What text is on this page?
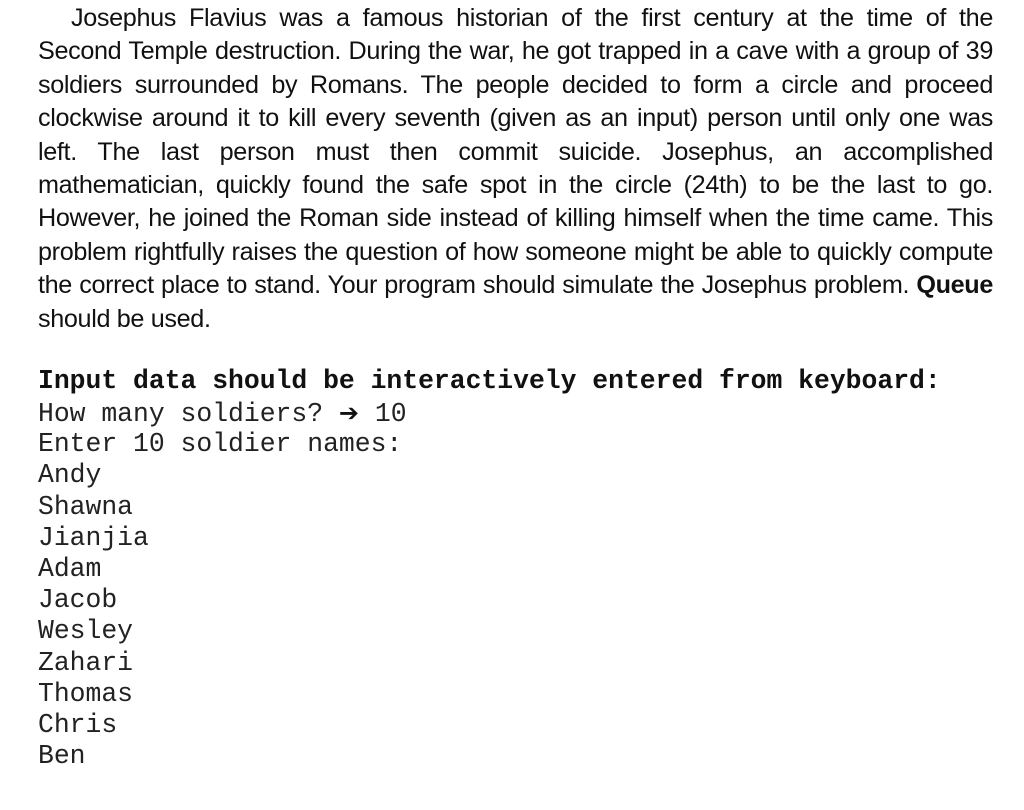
Josephus Flavius was a famous historian of the first century at the time of the Second Temple destruction. During the war, he got trapped in a cave with a group of 39 soldiers surrounded by Romans. The people decided to form a circle and proceed clockwise around it to kill every seventh (given as an input) person until only one was left. The last person must then commit suicide. Josephus, an accomplished mathematician, quickly found the safe spot in the circle (24th) to be the last to go. However, he joined the Roman side instead of killing himself when the time came. This problem rightfully raises the question of how someone might be able to quickly compute the correct place to stand. Your program should simulate the Josephus problem. Queue should be used.

Input data should be interactively entered from keyboard:
How many soldiers? ➔ 10
Enter 10 soldier names:
Andy
Shawna
Jianjia
Adam
Jacob
Wesley
Zahari
Thomas
Chris
Ben
